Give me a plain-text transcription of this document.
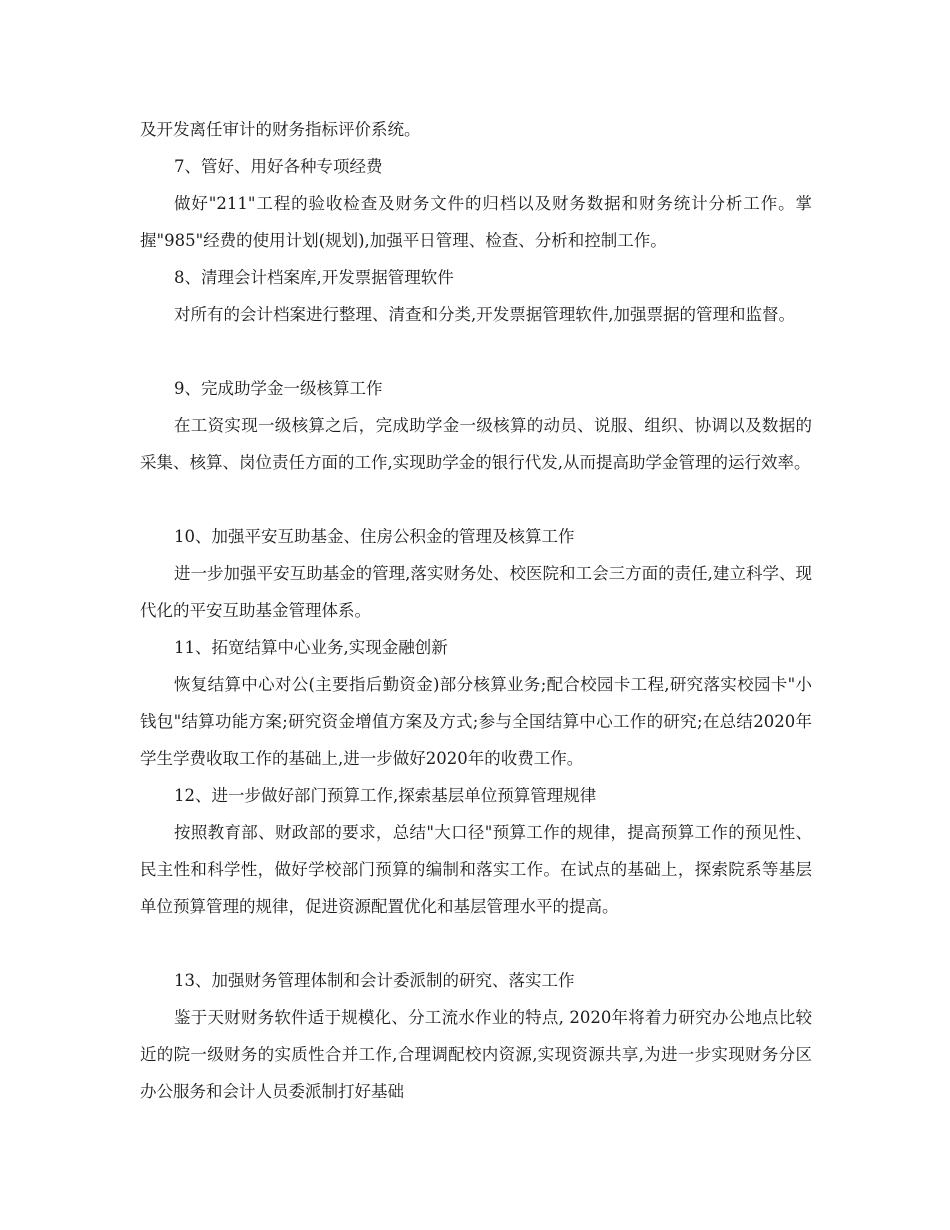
及开发离任审计的财务指标评价系统。

7、管好、用好各种专项经费

做好"211"工程的验收检查及财务文件的归档以及财务数据和财务统计分析工作。掌握"985"经费的使用计划(规划),加强平日管理、检查、分析和控制工作。

8、清理会计档案库,开发票据管理软件

对所有的会计档案进行整理、清查和分类,开发票据管理软件,加强票据的管理和监督。

9、完成助学金一级核算工作

在工资实现一级核算之后，完成助学金一级核算的动员、说服、组织、协调以及数据的采集、核算、岗位责任方面的工作,实现助学金的银行代发,从而提高助学金管理的运行效率。

10、加强平安互助基金、住房公积金的管理及核算工作

进一步加强平安互助基金的管理,落实财务处、校医院和工会三方面的责任,建立科学、现代化的平安互助基金管理体系。

11、拓宽结算中心业务,实现金融创新

恢复结算中心对公(主要指后勤资金)部分核算业务;配合校园卡工程,研究落实校园卡"小钱包"结算功能方案;研究资金增值方案及方式;参与全国结算中心工作的研究;在总结2020年学生学费收取工作的基础上,进一步做好2020年的收费工作。

12、进一步做好部门预算工作,探索基层单位预算管理规律

按照教育部、财政部的要求，总结"大口径"预算工作的规律，提高预算工作的预见性、民主性和科学性，做好学校部门预算的编制和落实工作。在试点的基础上，探索院系等基层单位预算管理的规律，促进资源配置优化和基层管理水平的提高。

13、加强财务管理体制和会计委派制的研究、落实工作

鉴于天财财务软件适于规模化、分工流水作业的特点, 2020年将着力研究办公地点比较近的院一级财务的实质性合并工作,合理调配校内资源,实现资源共享,为进一步实现财务分区办公服务和会计人员委派制打好基础
